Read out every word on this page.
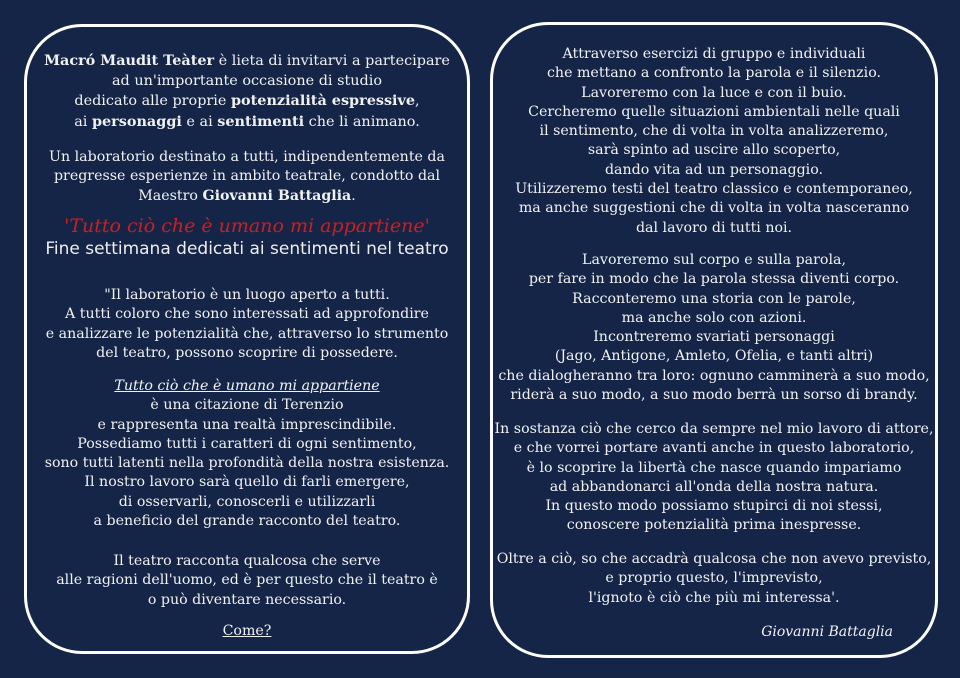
Macró Maudit Teàter è lieta di invitarvi a partecipare
ad un'importante occasione di studio
dedicato alle proprie potenzialità espressive,
ai personaggi e ai sentimenti che li animano.
Un laboratorio destinato a tutti, indipendentemente da
pregresse esperienze in ambito teatrale, condotto dal
Maestro Giovanni Battaglia.
'Tutto ciò che è umano mi appartiene'
Fine settimana dedicati ai sentimenti nel teatro
"Il laboratorio è un luogo aperto a tutti.
A tutti coloro che sono interessati ad approfondire
e analizzare le potenzialità che, attraverso lo strumento
del teatro, possono scoprire di possedere.
Tutto ciò che è umano mi appartiene
è una citazione di Terenzio
e rappresenta una realtà imprescindibile.
Possediamo tutti i caratteri di ogni sentimento,
sono tutti latenti nella profondità della nostra esistenza.
Il nostro lavoro sarà quello di farli emergere,
di osservarli, conoscerli e utilizzarli
a beneficio del grande racconto del teatro.
Il teatro racconta qualcosa che serve
alle ragioni dell'uomo, ed è per questo che il teatro è
o può diventare necessario.
Come?
Attraverso esercizi di gruppo e individuali
che mettano a confronto la parola e il silenzio.
Lavoreremo con la luce e con il buio.
Cercheremo quelle situazioni ambientali nelle quali
il sentimento, che di volta in volta analizzeremo,
sarà spinto ad uscire allo scoperto,
dando vita ad un personaggio.
Utilizzeremo testi del teatro classico e contemporaneo,
ma anche suggestioni che di volta in volta nasceranno
dal lavoro di tutti noi.
Lavoreremo sul corpo e sulla parola,
per fare in modo che la parola stessa diventi corpo.
Racconteremo una storia con le parole,
ma anche solo con azioni.
Incontreremo svariati personaggi
(Jago, Antigone, Amleto, Ofelia, e tanti altri)
che dialogheranno tra loro: ognuno camminerà a suo modo,
riderà a suo modo, a suo modo berrà un sorso di brandy.
In sostanza ciò che cerco da sempre nel mio lavoro di attore,
e che vorrei portare avanti anche in questo laboratorio,
è lo scoprire la libertà che nasce quando impariamo
ad abbandonarci all'onda della nostra natura.
In questo modo possiamo stupirci di noi stessi,
conoscere potenzialità prima inespresse.
Oltre a ciò, so che accadrà qualcosa che non avevo previsto,
e proprio questo, l'imprevisto,
l'ignoto è ciò che più mi interessa'.
Giovanni Battaglia
